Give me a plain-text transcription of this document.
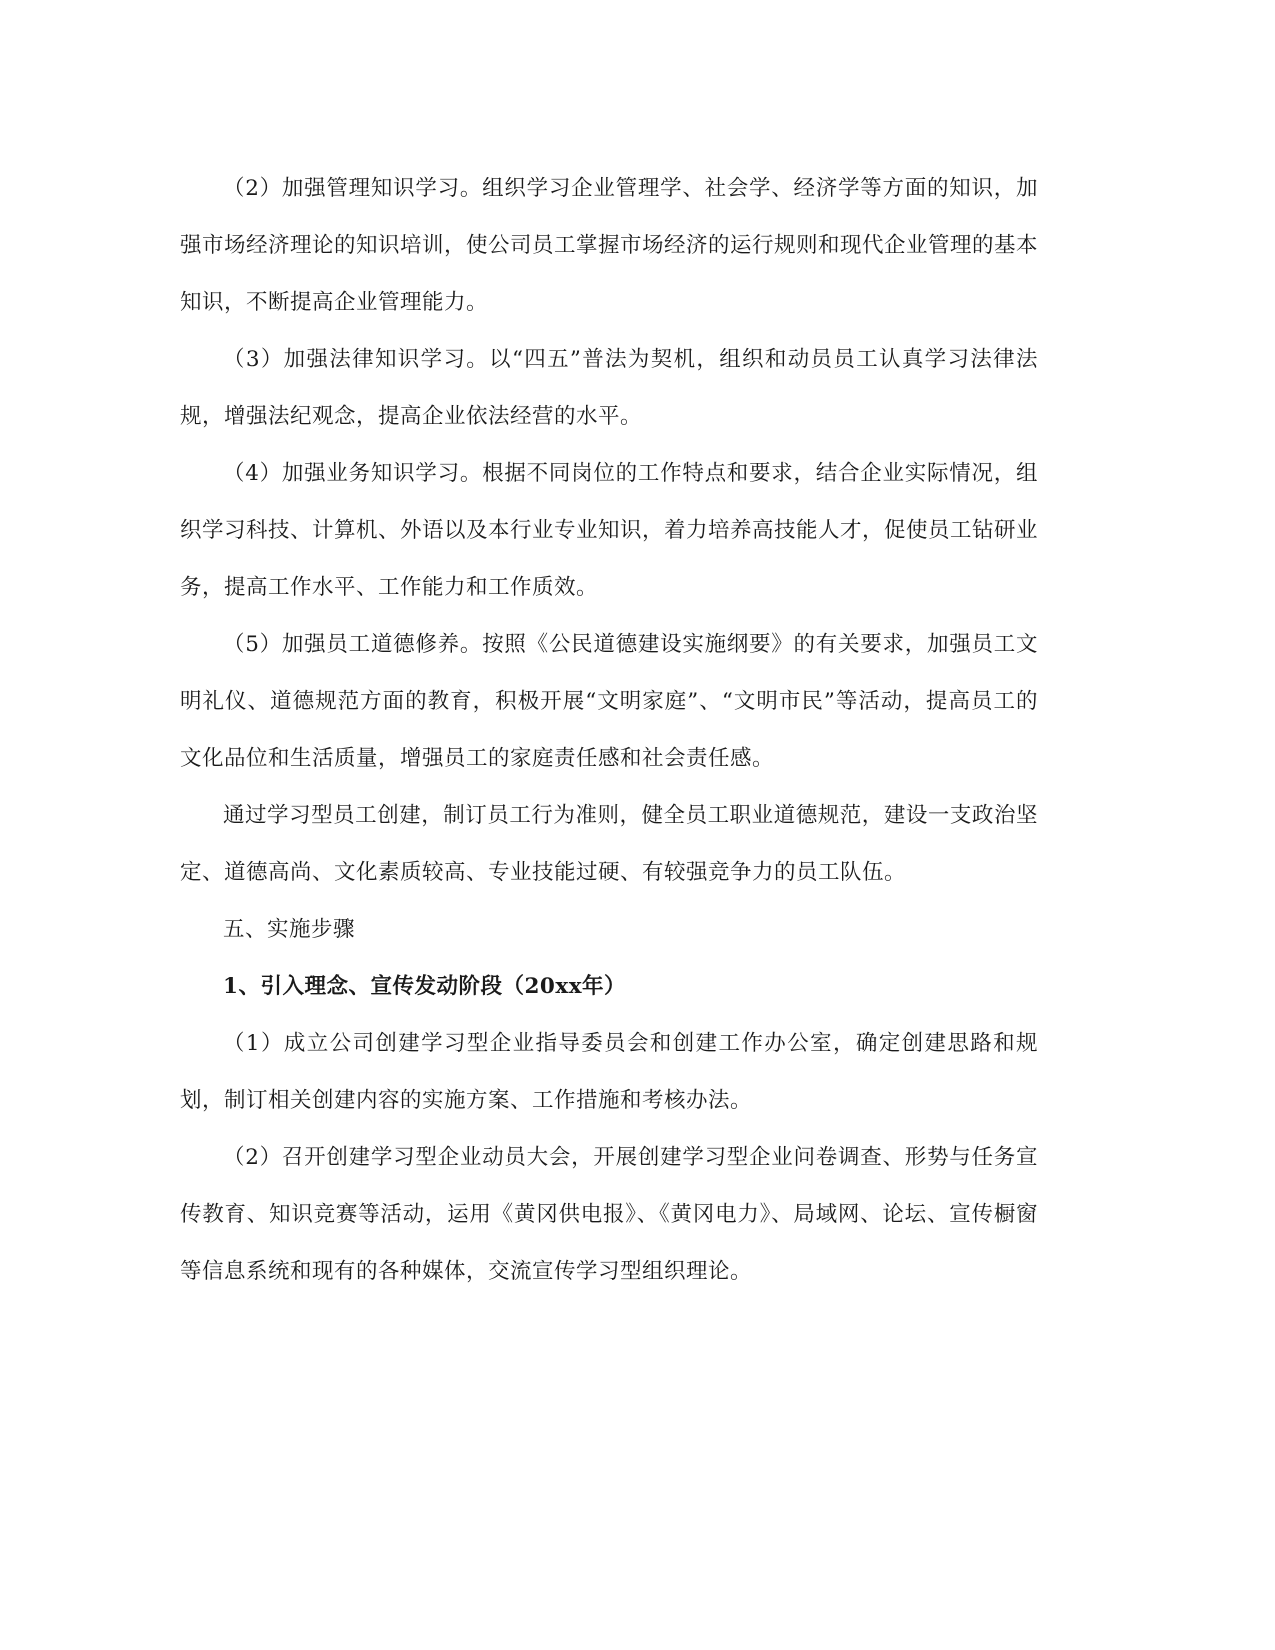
（2）加强管理知识学习。组织学习企业管理学、社会学、经济学等方面的知识，加强市场经济理论的知识培训，使公司员工掌握市场经济的运行规则和现代企业管理的基本知识，不断提高企业管理能力。

（3）加强法律知识学习。以“四五”普法为契机，组织和动员员工认真学习法律法规，增强法纪观念，提高企业依法经营的水平。

（4）加强业务知识学习。根据不同岗位的工作特点和要求，结合企业实际情况，组织学习科技、计算机、外语以及本行业专业知识，着力培养高技能人才，促使员工钻研业务，提高工作水平、工作能力和工作质效。

（5）加强员工道德修养。按照《公民道德建设实施纲要》的有关要求，加强员工文明礼仪、道德规范方面的教育，积极开展“文明家庭”、“文明市民”等活动，提高员工的文化品位和生活质量，增强员工的家庭责任感和社会责任感。

通过学习型员工创建，制订员工行为准则，健全员工职业道德规范，建设一支政治坚定、道德高尚、文化素质较高、专业技能过硬、有较强竞争力的员工队伍。

五、实施步骤

1、引入理念、宣传发动阶段（20xx年）

（1）成立公司创建学习型企业指导委员会和创建工作办公室，确定创建思路和规划，制订相关创建内容的实施方案、工作措施和考核办法。

（2）召开创建学习型企业动员大会，开展创建学习型企业问卷调查、形势与任务宣传教育、知识竞赛等活动，运用《黄冈供电报》、《黄冈电力》、局域网、论坛、宣传橱窗等信息系统和现有的各种媒体，交流宣传学习型组织理论。
